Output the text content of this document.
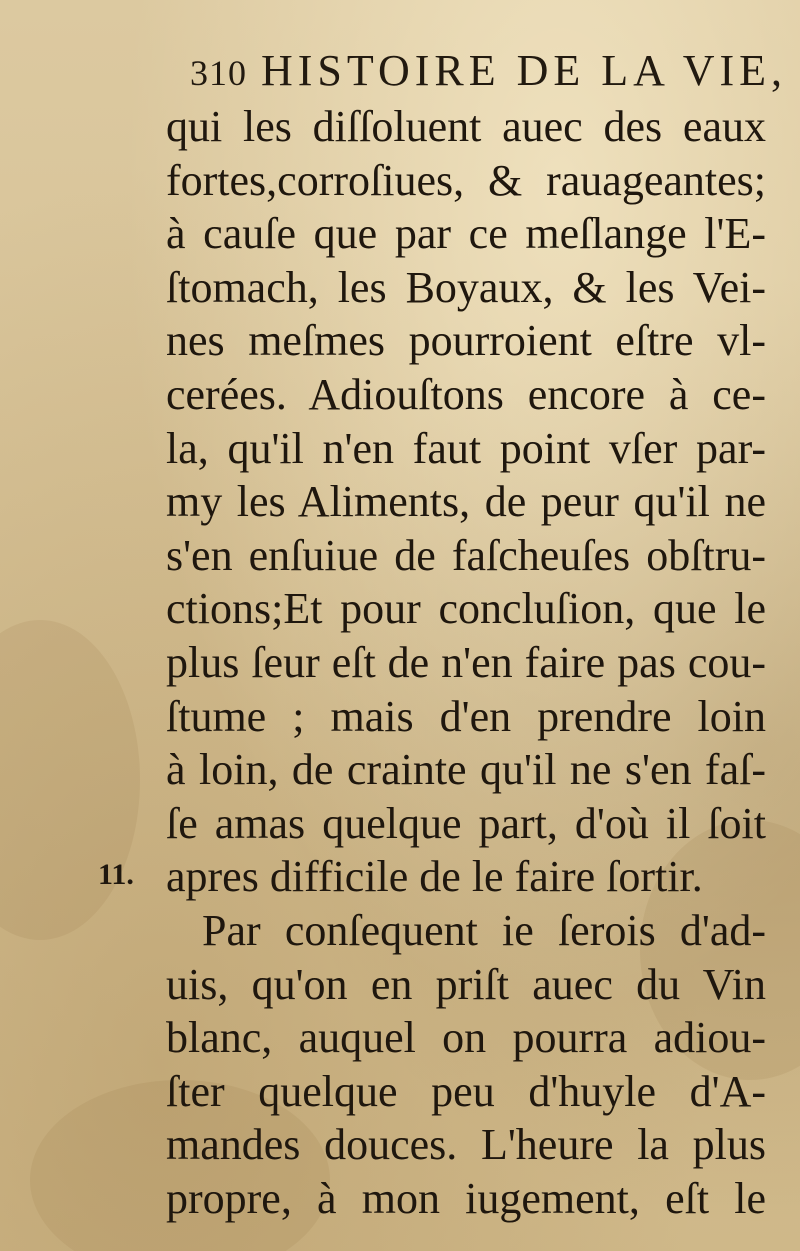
310 HISTOIRE DE LA VIE,
11.
qui les diſſoluent auec des eaux
fortes,corroſiues, & rauageantes;
à cauſe que par ce meſlange l'E-
ſtomach, les Boyaux, & les Vei-
nes meſmes pourroient eſtre vl-
cerées. Adiouſtons encore à ce-
la, qu'il n'en faut point vſer par-
my les Aliments, de peur qu'il ne
s'en enſuiue de faſcheuſes obſtru-
ctions;Et pour concluſion, que le
plus ſeur eſt de n'en faire pas cou-
ſtume ; mais d'en prendre loin
à loin, de crainte qu'il ne s'en faſ-
ſe amas quelque part, d'où il ſoit
apres difficile de le faire ſortir.
Par conſequent ie ſerois d'ad-
uis, qu'on en priſt auec du Vin
blanc, auquel on pourra adiou-
ſter quelque peu d'huyle d'A-
mandes douces. L'heure la plus
propre, à mon iugement, eſt le
